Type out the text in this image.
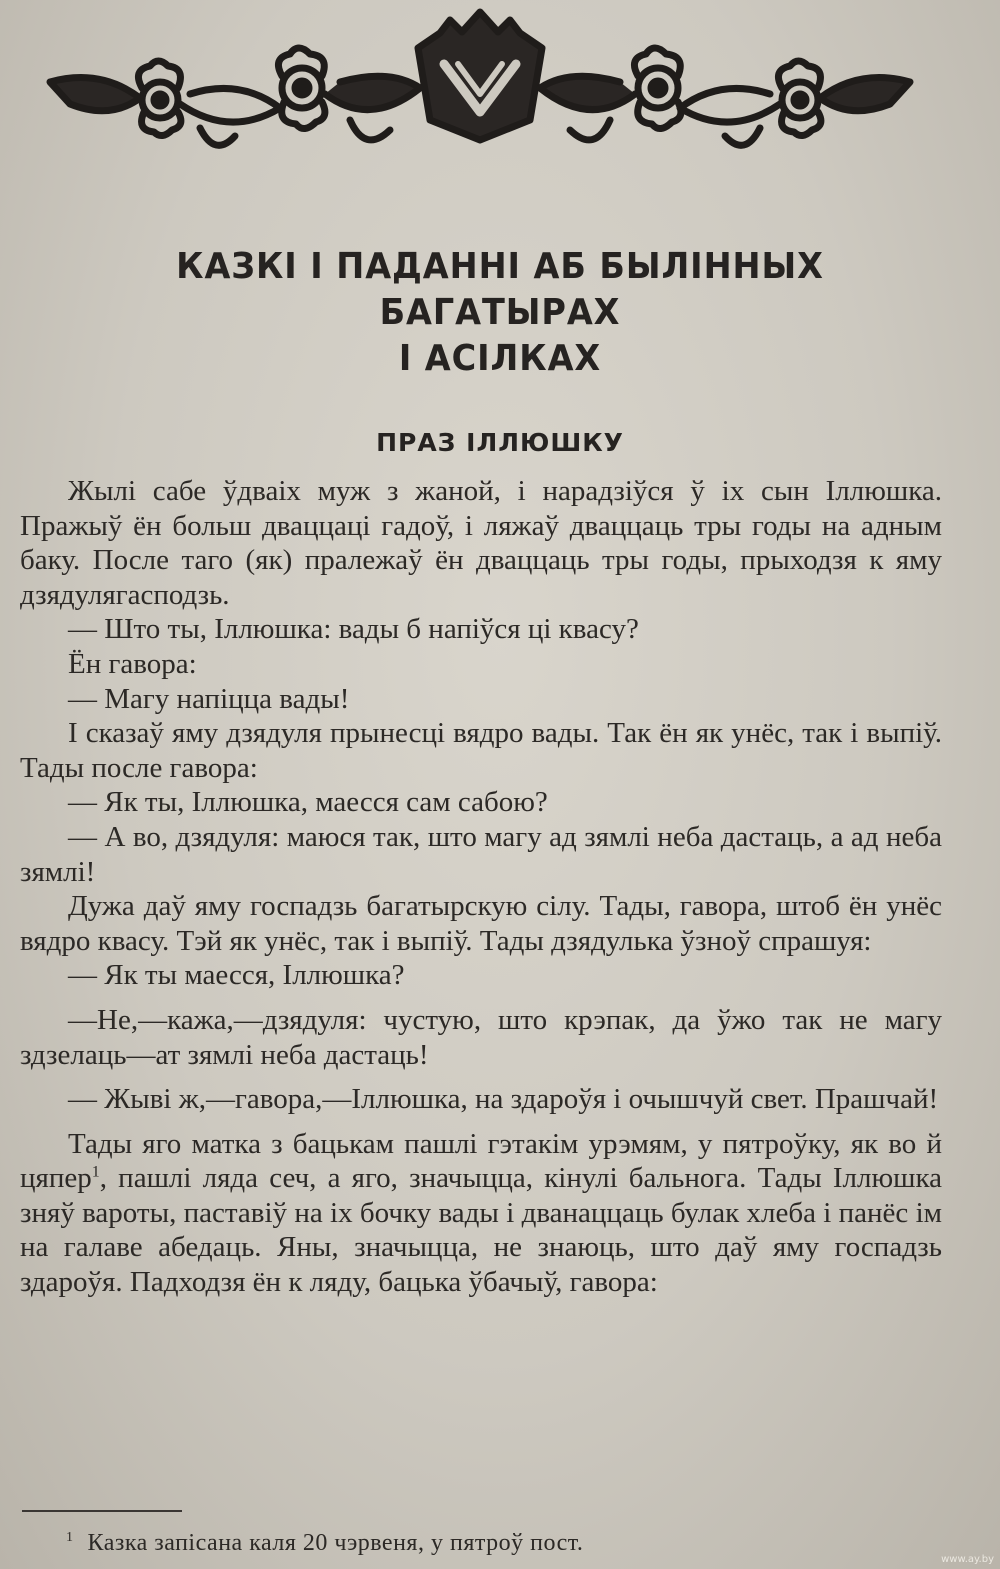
КАЗКІ І ПАДАННІ АБ БЫЛІННЫХ БАГАТЫРАХ
І АСІЛКАХ
ПРАЗ ІЛЛЮШКУ

Жылі сабе ўдваіх муж з жаной, і нарадзіўся ў іх сын Іллюшка. Пражыў ён больш дваццаці гадоў, і ляжаў дваццаць тры годы на адным баку. После таго (як) пралежаў ён дваццаць тры годы, прыходзя к яму дзядулягасподзь.

— Што ты, Іллюшка: вады б напіўся ці квасу?

Ён гавора:

— Магу напіцца вады!

І сказаў яму дзядуля прынесці вядро вады. Так ён як унёс, так і выпіў. Тады после гавора:

— Як ты, Іллюшка, маесся сам сабою?

— А во, дзядуля: маюся так, што магу ад зямлі неба дастаць, а ад неба зямлі!

Дужа даў яму госпадзь багатырскую сілу. Тады, гавора, штоб ён унёс вядро квасу. Тэй як унёс, так і выпіў. Тады дзядулька ўзноў спрашуя:

— Як ты маесся, Іллюшка?

—Не,—кажа,—дзядуля: чустую, што крэпак, да ўжо так не магу здзелаць—ат зямлі неба дастаць!

— Жыві ж,—гавора,—Іллюшка, на здароўя і очышчуй свет. Прашчай!

Тады яго матка з бацькам пашлі гэтакім урэмям, у пятроўку, як во й цяпер$^1$, пашлі ляда сеч, а яго, значыцца, кінулі бальнога. Тады Іллюшка зняў вароты, паставіў на іх бочку вады і дванаццаць булак хлеба і панёс ім на галаве абедаць. Яны, значыцца, не знаюць, што даў яму госпадзь здароўя. Падходзя ён к ляду, бацька ўбачыў, гавора:

$^1$ Казка запісана каля 20 чэрвеня, у пятроў пост.
www.ay.by
